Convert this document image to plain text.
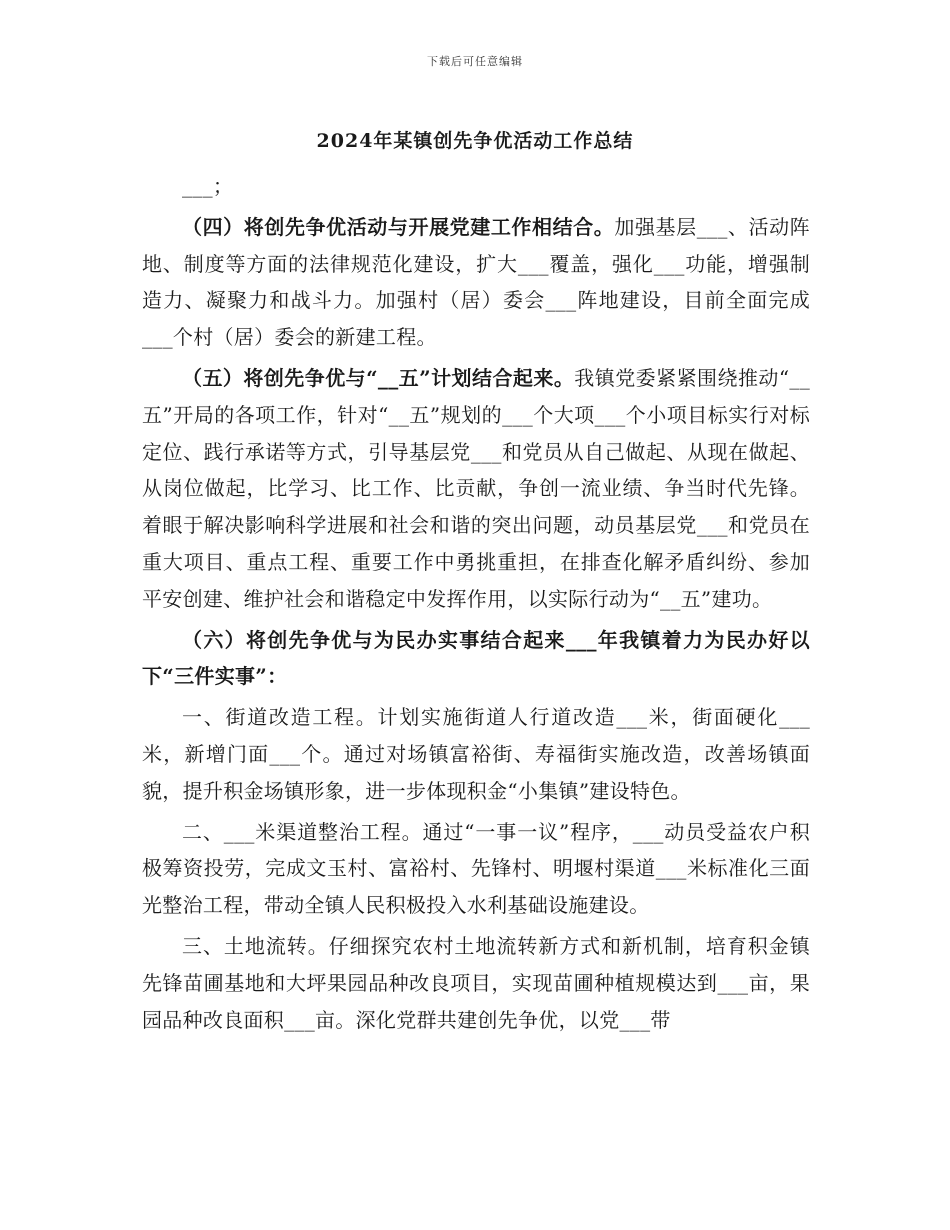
下载后可任意编辑
2024年某镇创先争优活动工作总结

___；

（四）将创先争优活动与开展党建工作相结合。加强基层___、活动阵地、制度等方面的法律规范化建设，扩大___覆盖，强化___功能，增强制造力、凝聚力和战斗力。加强村（居）委会___阵地建设，目前全面完成___个村（居）委会的新建工程。

（五）将创先争优与“__五”计划结合起来。我镇党委紧紧围绕推动“__五”开局的各项工作，针对“__五”规划的___个大项___个小项目标实行对标定位、践行承诺等方式，引导基层党___和党员从自己做起、从现在做起、从岗位做起，比学习、比工作、比贡献，争创一流业绩、争当时代先锋。着眼于解决影响科学进展和社会和谐的突出问题，动员基层党___和党员在重大项目、重点工程、重要工作中勇挑重担，在排查化解矛盾纠纷、参加平安创建、维护社会和谐稳定中发挥作用，以实际行动为“__五”建功。

（六）将创先争优与为民办实事结合起来___年我镇着力为民办好以下“三件实事”：

一、街道改造工程。计划实施街道人行道改造___米，街面硬化___米，新增门面___个。通过对场镇富裕街、寿福街实施改造，改善场镇面貌，提升积金场镇形象，进一步体现积金“小集镇”建设特色。

二、___米渠道整治工程。通过“一事一议”程序，___动员受益农户积极筹资投劳，完成文玉村、富裕村、先锋村、明堰村渠道___米标准化三面光整治工程，带动全镇人民积极投入水利基础设施建设。

三、土地流转。仔细探究农村土地流转新方式和新机制，培育积金镇先锋苗圃基地和大坪果园品种改良项目，实现苗圃种植规模达到___亩，果园品种改良面积___亩。深化党群共建创先争优，以党___带
